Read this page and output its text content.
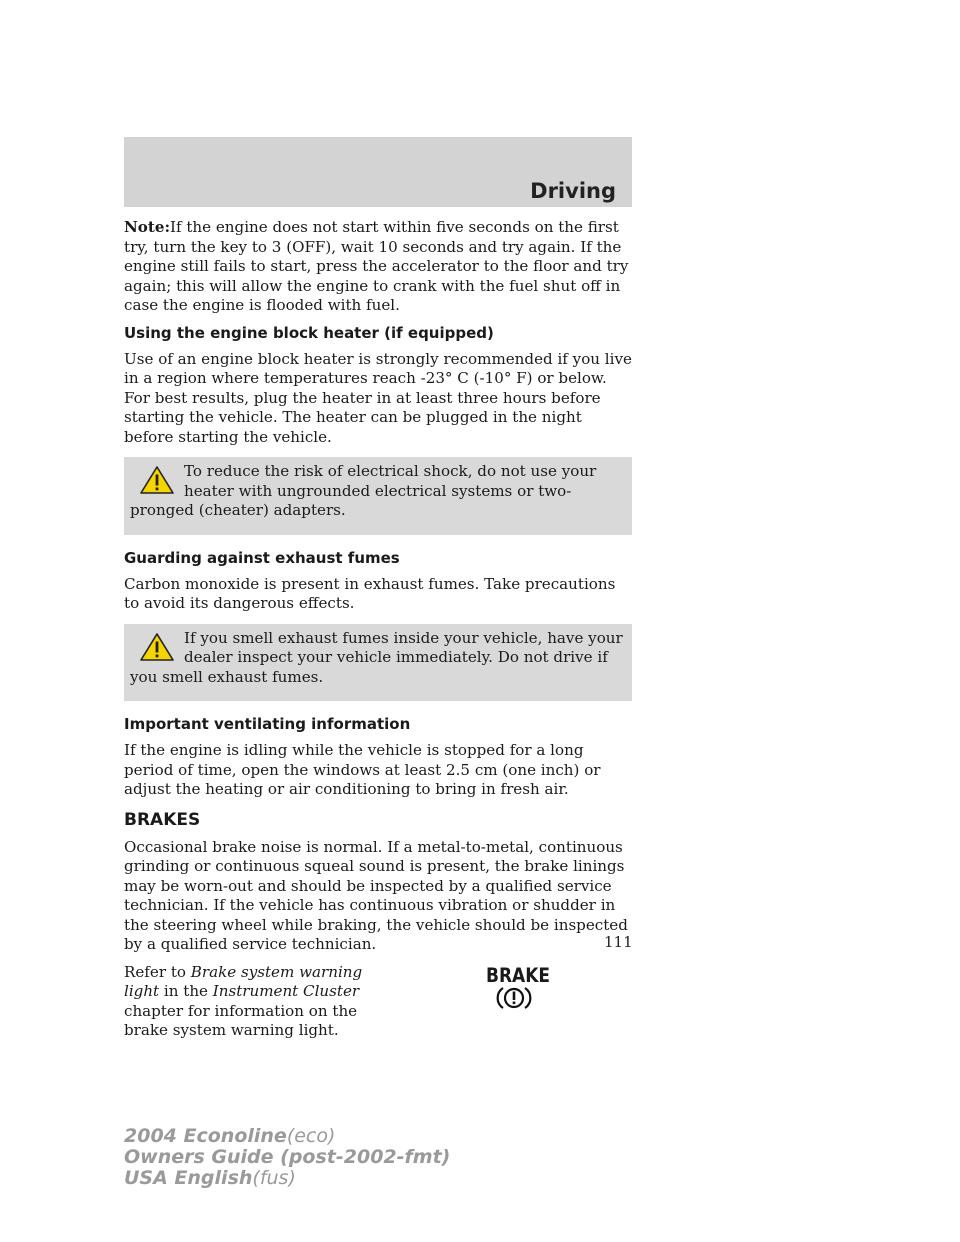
Driving

Note:If the engine does not start within five seconds on the first try, turn the key to 3 (OFF), wait 10 seconds and try again. If the engine still fails to start, press the accelerator to the floor and try again; this will allow the engine to crank with the fuel shut off in case the engine is flooded with fuel.

Using the engine block heater (if equipped)

Use of an engine block heater is strongly recommended if you live in a region where temperatures reach -23° C (-10° F) or below. For best results, plug the heater in at least three hours before starting the vehicle. The heater can be plugged in the night before starting the vehicle.

To reduce the risk of electrical shock, do not use your heater with ungrounded electrical systems or two-pronged (cheater) adapters.

Guarding against exhaust fumes

Carbon monoxide is present in exhaust fumes. Take precautions to avoid its dangerous effects.

If you smell exhaust fumes inside your vehicle, have your dealer inspect your vehicle immediately. Do not drive if you smell exhaust fumes.

Important ventilating information

If the engine is idling while the vehicle is stopped for a long period of time, open the windows at least 2.5 cm (one inch) or adjust the heating or air conditioning to bring in fresh air.

BRAKES

Occasional brake noise is normal. If a metal-to-metal, continuous grinding or continuous squeal sound is present, the brake linings may be worn-out and should be inspected by a qualified service technician. If the vehicle has continuous vibration or shudder in the steering wheel while braking, the vehicle should be inspected by a qualified service technician.

Refer to Brake system warning light in the Instrument Cluster chapter for information on the brake system warning light.

BRAKE
111
2004 Econoline(eco)
Owners Guide (post-2002-fmt)
USA English(fus)
